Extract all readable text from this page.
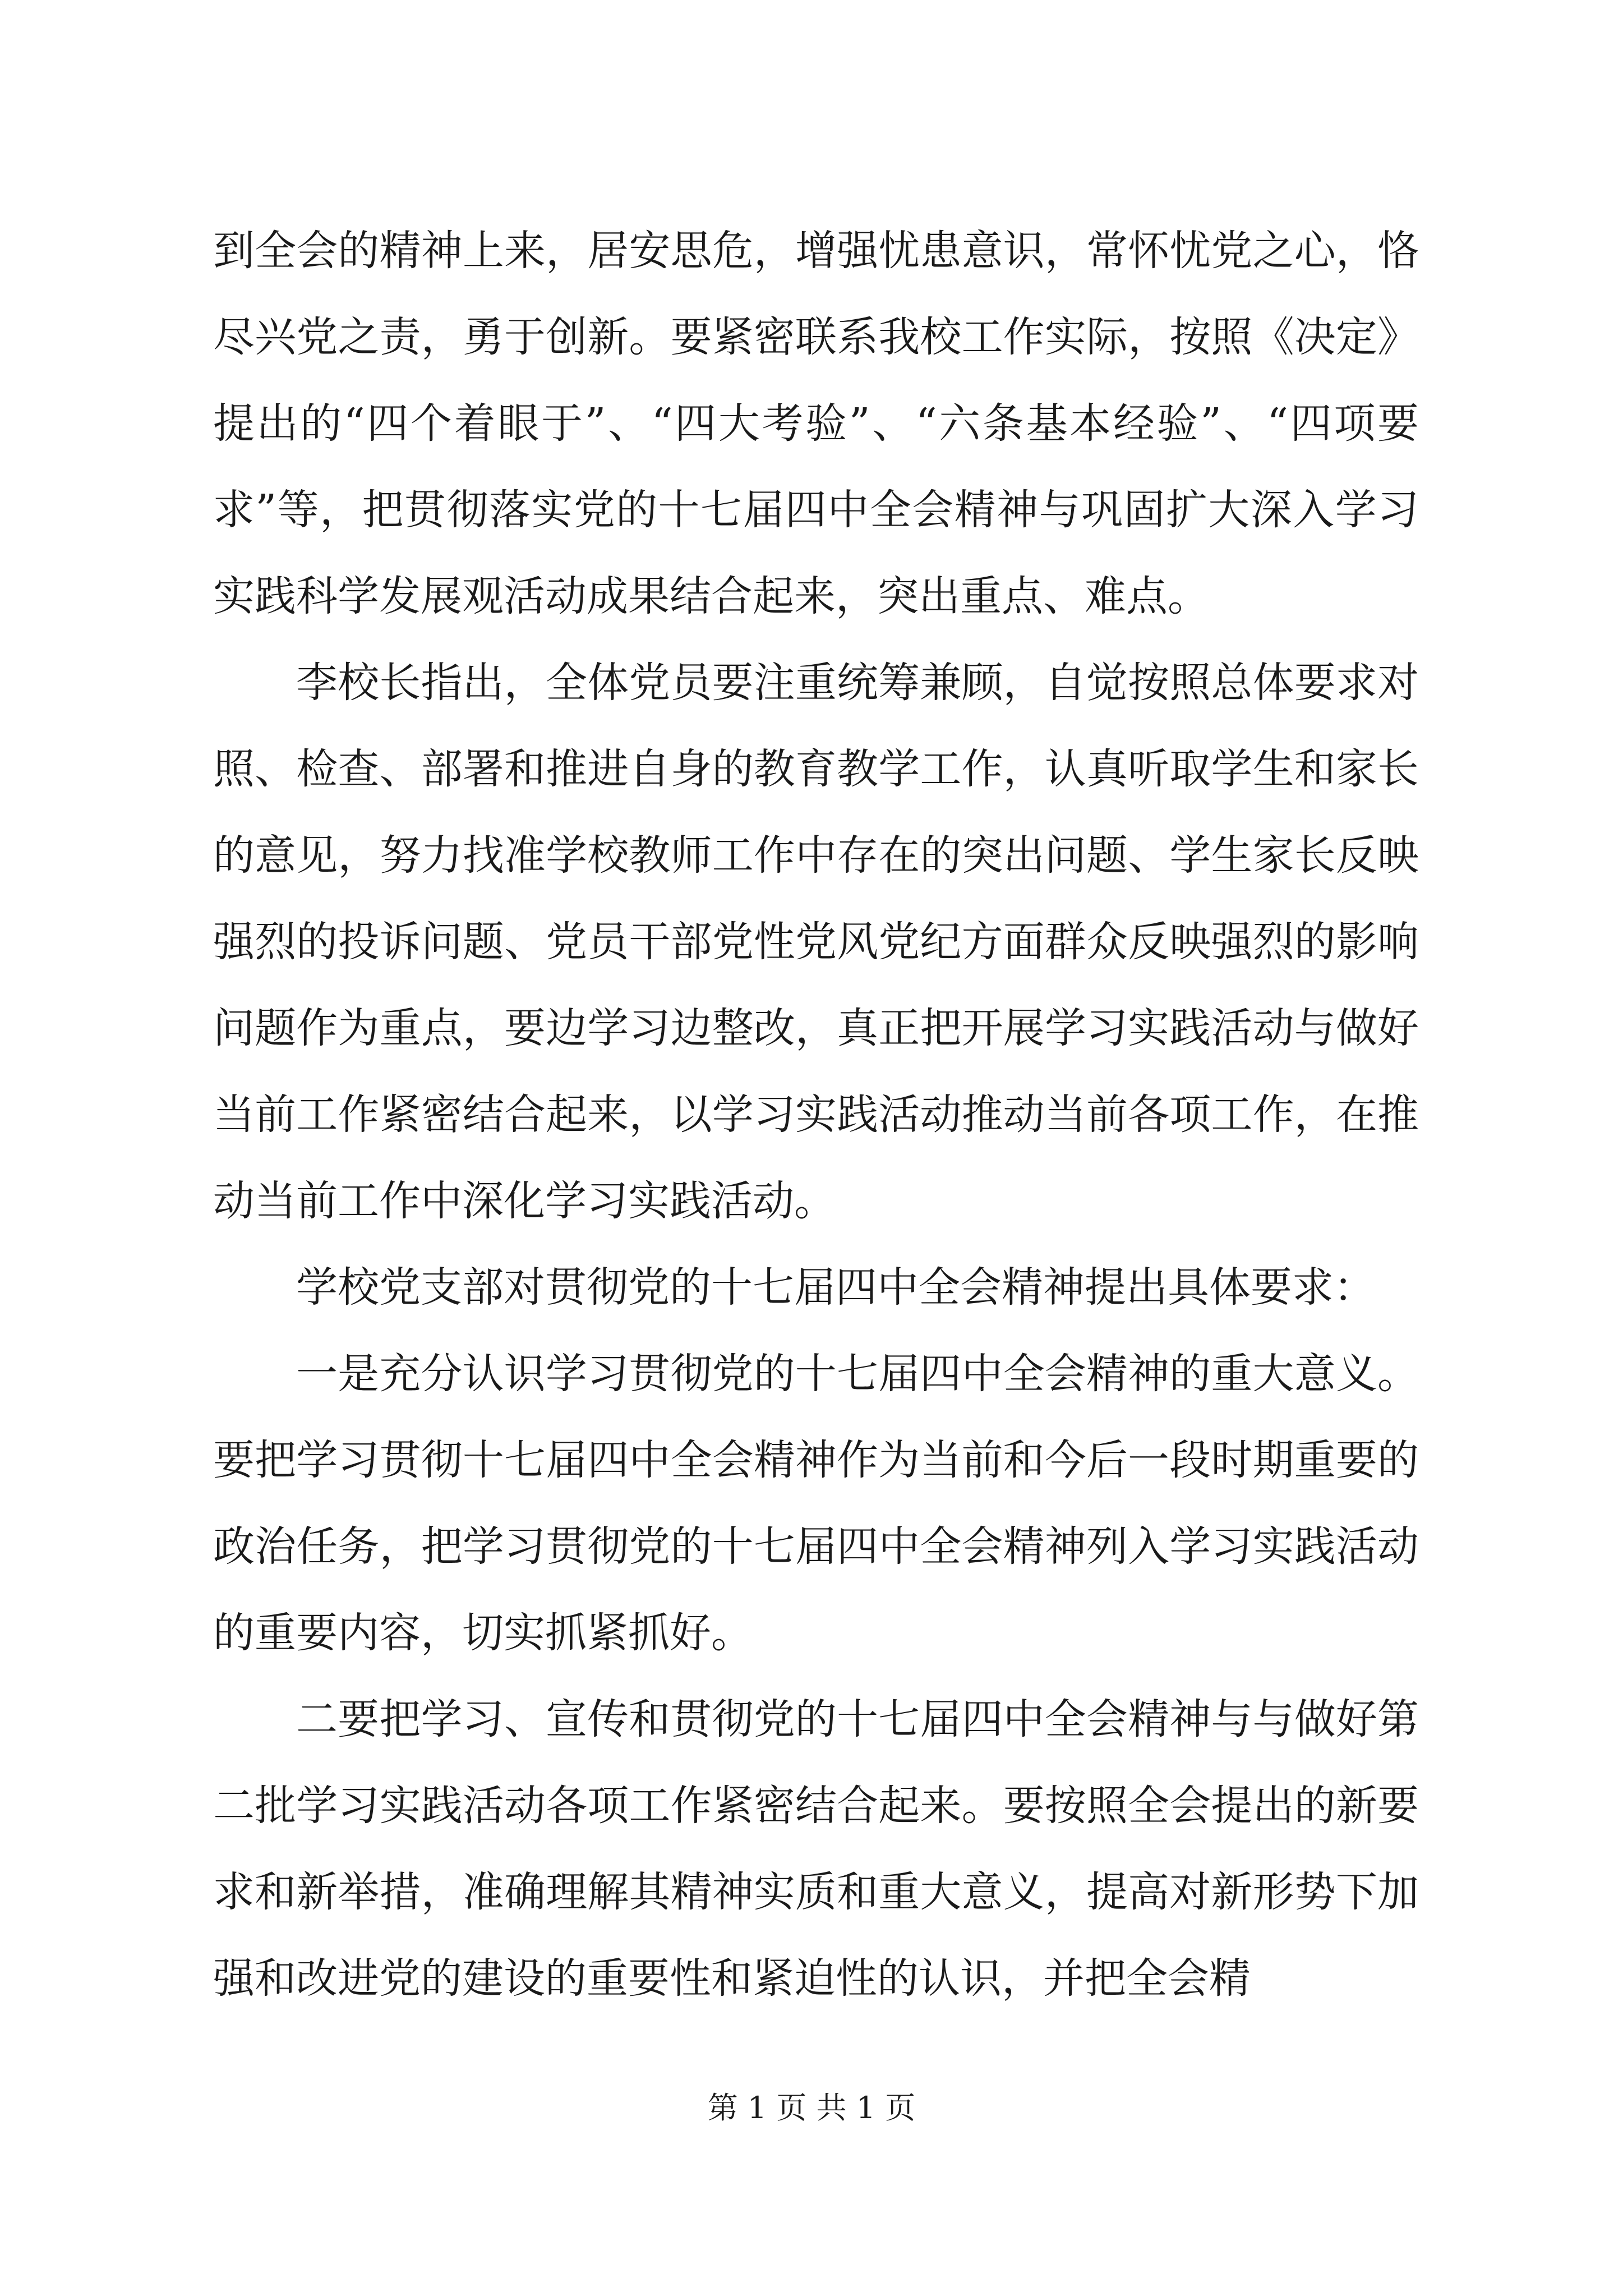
到全会的精神上来，居安思危，增强忧患意识，常怀忧党之心，恪尽兴党之责，勇于创新。要紧密联系我校工作实际，按照《决定》提出的“四个着眼于”、“四大考验”、“六条基本经验”、“四项要求”等，把贯彻落实党的十七届四中全会精神与巩固扩大深入学习实践科学发展观活动成果结合起来，突出重点、难点。

李校长指出，全体党员要注重统筹兼顾，自觉按照总体要求对照、检查、部署和推进自身的教育教学工作，认真听取学生和家长的意见，努力找准学校教师工作中存在的突出问题、学生家长反映强烈的投诉问题、党员干部党性党风党纪方面群众反映强烈的影响问题作为重点，要边学习边整改，真正把开展学习实践活动与做好当前工作紧密结合起来，以学习实践活动推动当前各项工作，在推动当前工作中深化学习实践活动。

学校党支部对贯彻党的十七届四中全会精神提出具体要求：

一是充分认识学习贯彻党的十七届四中全会精神的重大意义。要把学习贯彻十七届四中全会精神作为当前和今后一段时期重要的政治任务，把学习贯彻党的十七届四中全会精神列入学习实践活动的重要内容，切实抓紧抓好。

二要把学习、宣传和贯彻党的十七届四中全会精神与与做好第二批学习实践活动各项工作紧密结合起来。要按照全会提出的新要求和新举措，准确理解其精神实质和重大意义，提高对新形势下加强和改进党的建设的重要性和紧迫性的认识，并把全会精

第 1 页 共 1 页
